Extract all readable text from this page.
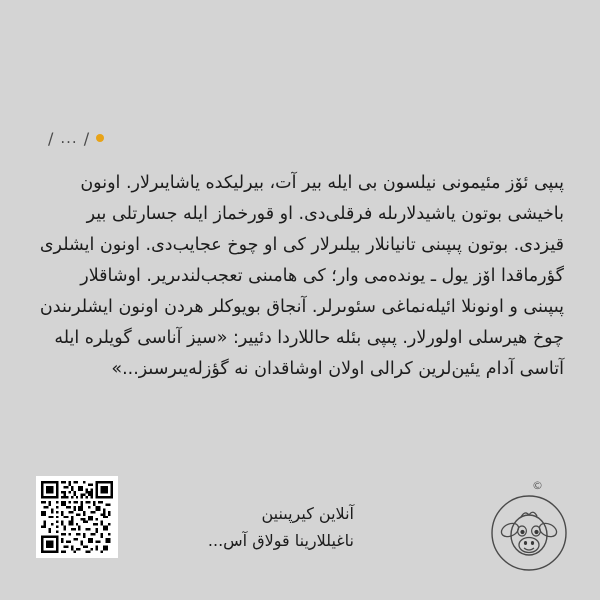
/ ... /

پىپى ئۆز مئيمونى نيلسون بى ايله بير آت، بيرليكده ياشايىرلار. اونون باخيشى بوتون ياشيدلارىله فرقلى‌دى. او قورخماز ايله جسارتلى بير قيزدى. بوتون پىپىنى تانيانلار بيلىرلار كى او چوخ عجايب‌دى. اونون ايشلرى گؤرماقدا اۆز يول ـ يوندەمى وار؛ كى هامىنى تعجب‌لندىرير. اوشاقلار پىپىنى و اونونلا ائيله‌نماغى سئوىرلر. آنجاق بويوكلر هردن اونون ايشلرىندن چوخ هيرسلى اولورلار. پىپى بئله حاللاردا دئيير: «سيز آناسى گويلره ايله آتاسى آدام يئين‌لرين كرالى اولان اوشاقدان نه گؤزله‌يىرسىز...»

آنلاين كيرپىنين
ناغيللارينا قولاق آس...
©
